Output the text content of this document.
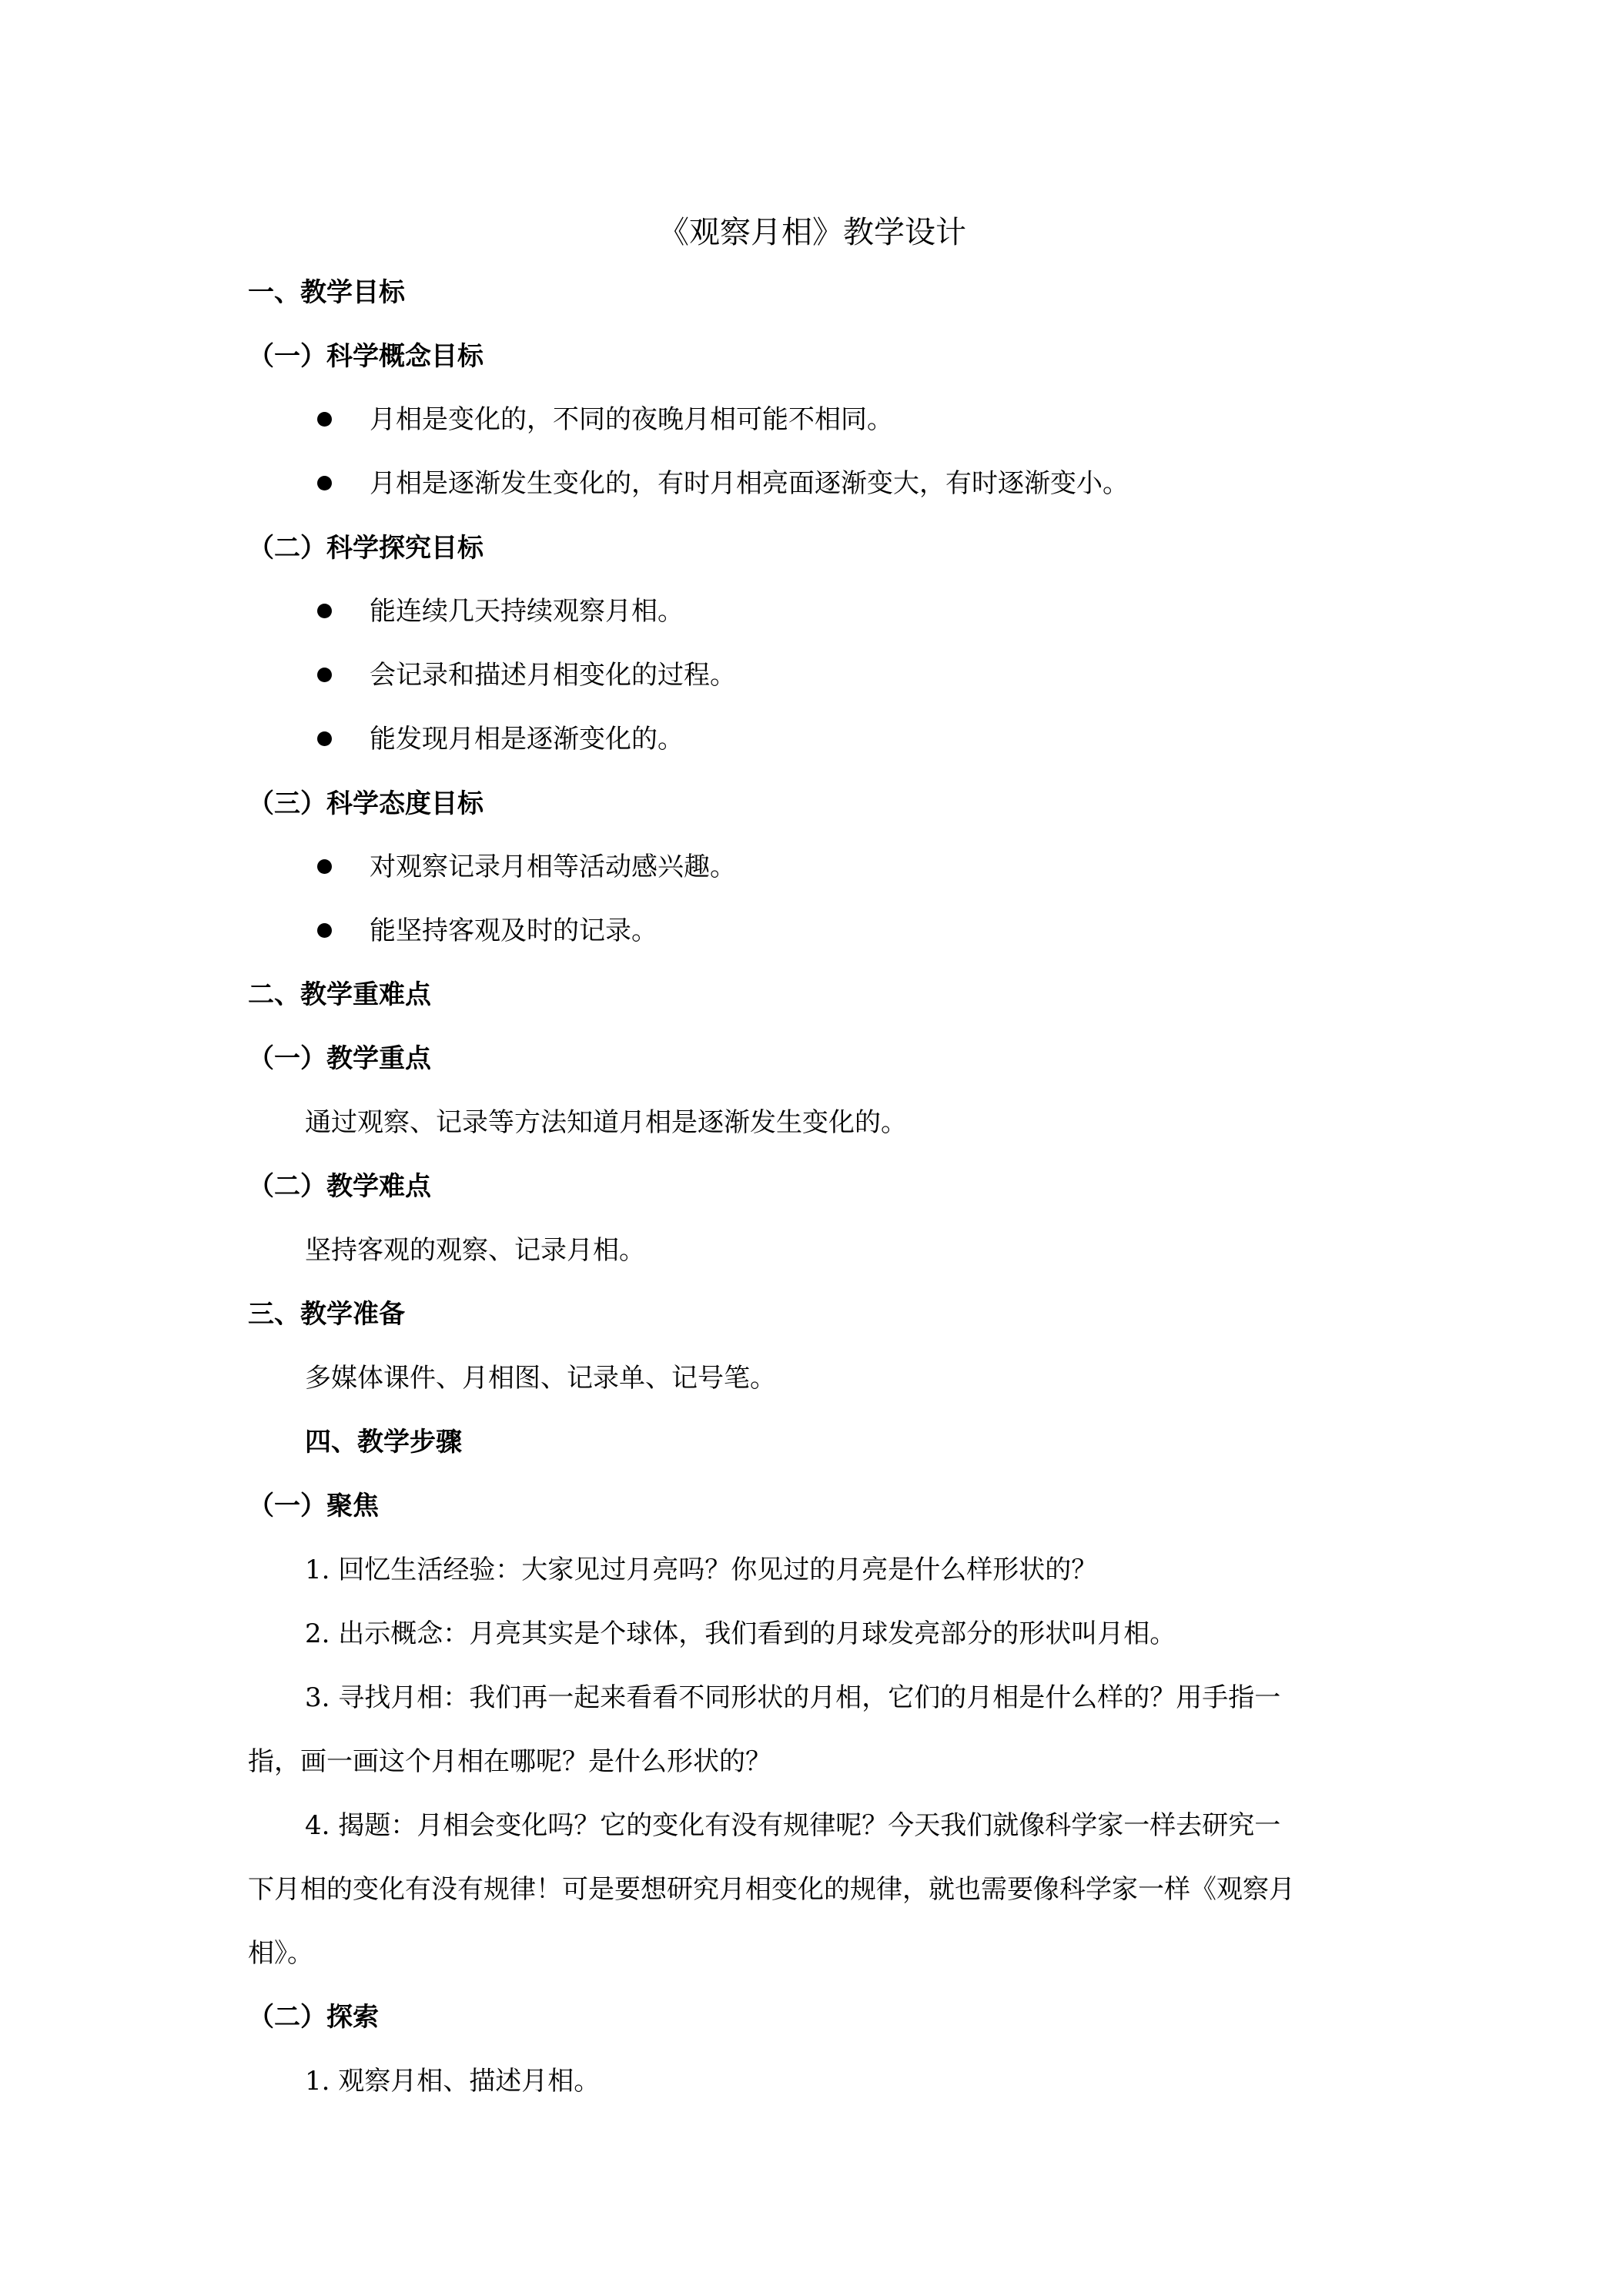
《观察月相》教学设计
一、教学目标
（一）科学概念目标
月相是变化的，不同的夜晚月相可能不相同。
月相是逐渐发生变化的，有时月相亮面逐渐变大，有时逐渐变小。
（二）科学探究目标
能连续几天持续观察月相。
会记录和描述月相变化的过程。
能发现月相是逐渐变化的。
（三）科学态度目标
对观察记录月相等活动感兴趣。
能坚持客观及时的记录。
二、教学重难点
（一）教学重点
通过观察、记录等方法知道月相是逐渐发生变化的。
（二）教学难点
坚持客观的观察、记录月相。
三、教学准备
多媒体课件、月相图、记录单、记号笔。
四、教学步骤
（一）聚焦
1. 回忆生活经验：大家见过月亮吗？你见过的月亮是什么样形状的？
2. 出示概念：月亮其实是个球体，我们看到的月球发亮部分的形状叫月相。
3. 寻找月相：我们再一起来看看不同形状的月相，它们的月相是什么样的？用手指一
指，画一画这个月相在哪呢？是什么形状的？
4. 揭题：月相会变化吗？它的变化有没有规律呢？今天我们就像科学家一样去研究一
下月相的变化有没有规律！可是要想研究月相变化的规律，就也需要像科学家一样《观察月
相》。
（二）探索
1. 观察月相、描述月相。
